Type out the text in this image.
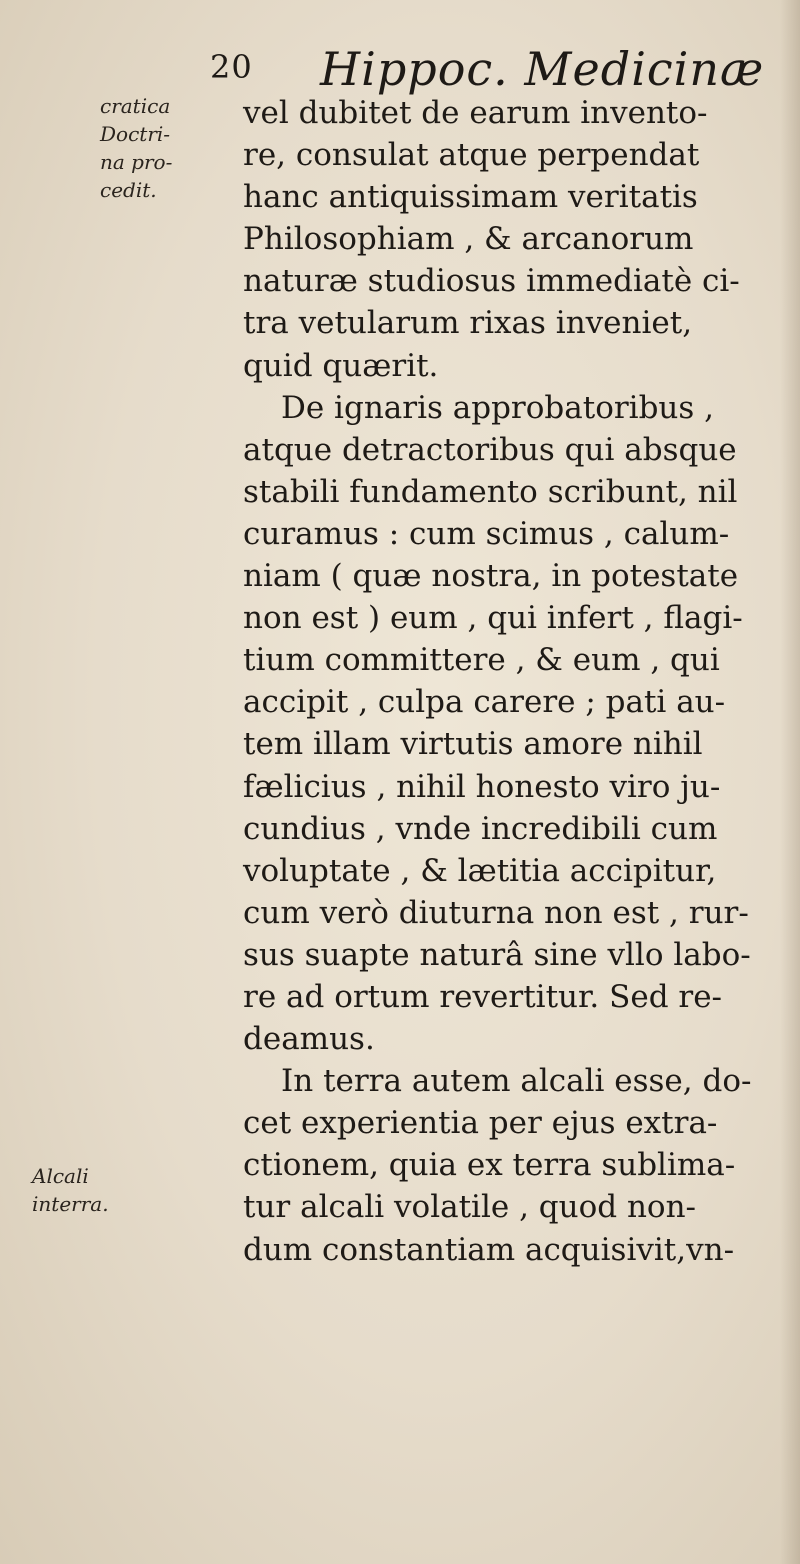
20 Hippoc. Medicinæ
cratica
Doctri-
na pro-
cedit.
Alcali
interra.
vel dubitet de earum invento-
re, consulat atque perpendat
hanc antiquissimam veritatis
Philosophiam , & arcanorum
naturæ studiosus immediatè ci-
tra vetularum rixas inveniet,
quid quærit.
De ignaris approbatoribus ,
atque detractoribus qui absque
stabili fundamento scribunt, nil
curamus : cum scimus , calum-
niam ( quæ nostra, in potestate
non est ) eum , qui infert , flagi-
tium committere , & eum , qui
accipit , culpa carere ; pati au-
tem illam virtutis amore nihil
fælicius , nihil honesto viro ju-
cundius , vnde incredibili cum
voluptate , & lætitia accipitur,
cum verò diuturna non est , rur-
sus suapte naturâ sine vllo labo-
re ad ortum revertitur. Sed re-
deamus.
In terra autem alcali esse, do-
cet experientia per ejus extra-
ctionem, quia ex terra sublima-
tur alcali volatile , quod non-
dum constantiam acquisivit,vn-
